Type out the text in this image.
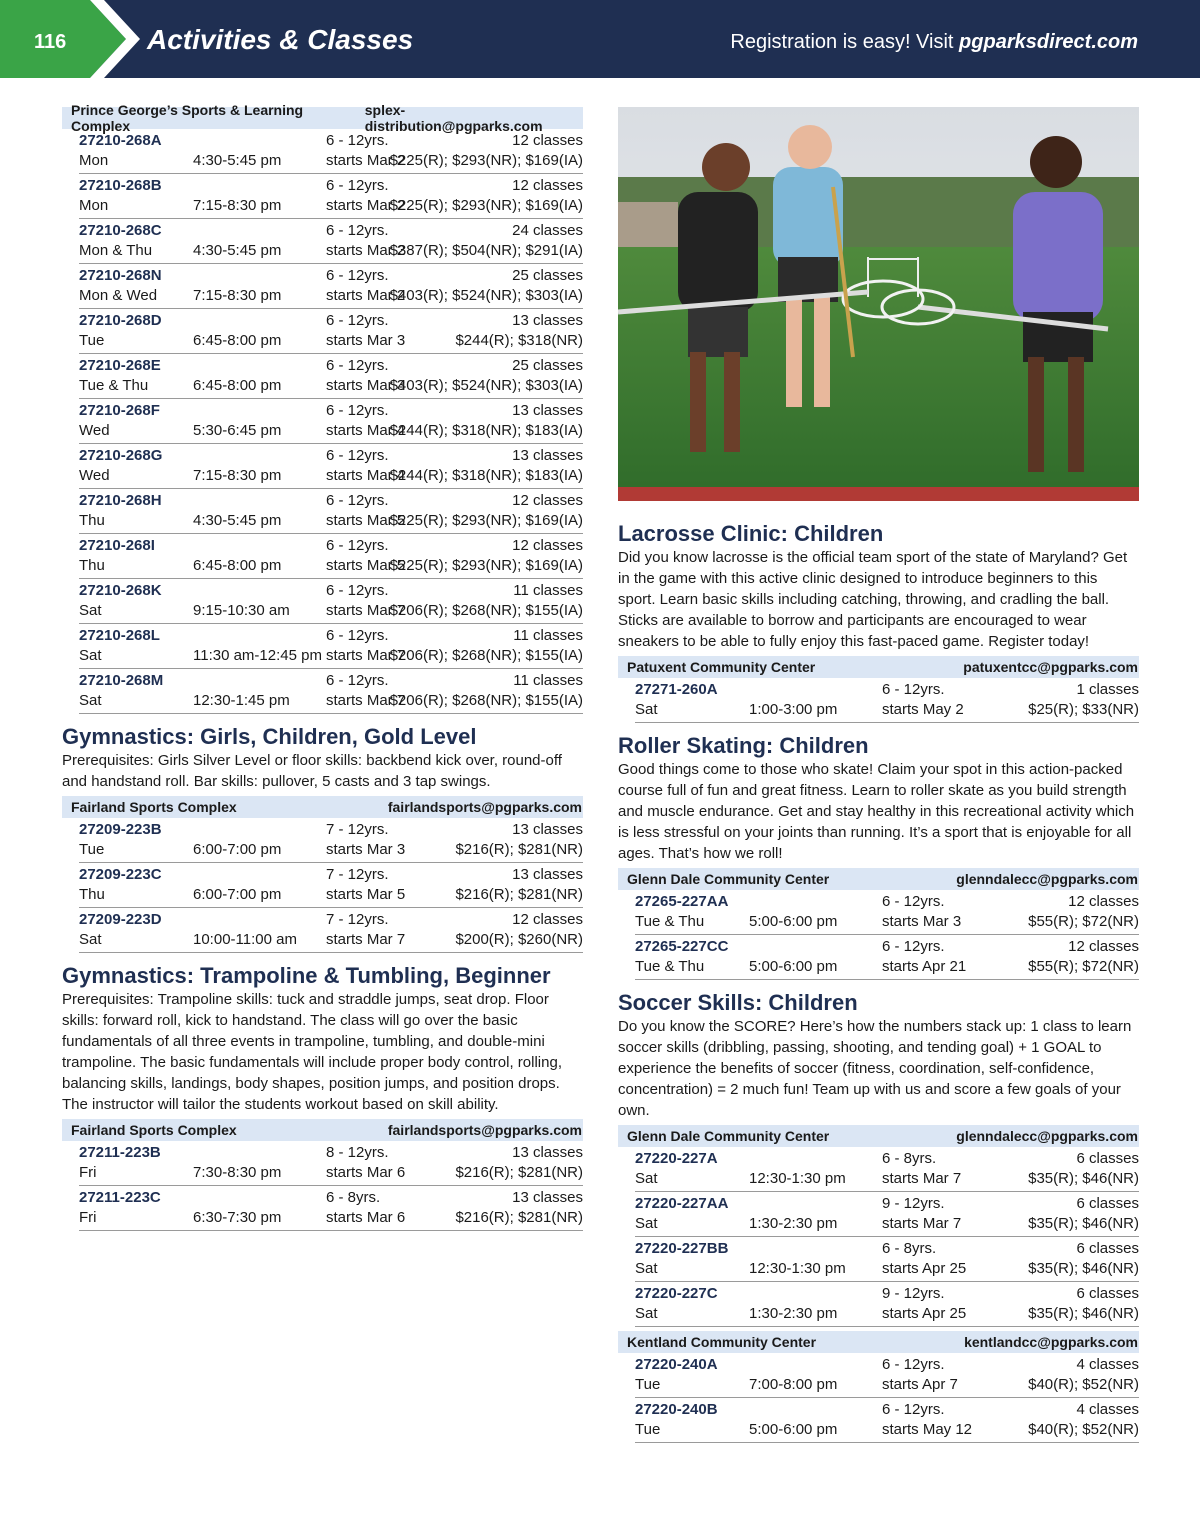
116	Activities & Classes	Registration is easy! Visit pgparksdirect.com
Prince George’s Sports & Learning Complex
splex-distribution@pgparks.com
27210-268A
Mon	4:30-5:45 pm
6 - 12yrs.
starts Mar 2
12 classes
$225(R); $293(NR); $169(IA)
27210-268B
Mon	7:15-8:30 pm
6 - 12yrs.
starts Mar 2
12 classes
$225(R); $293(NR); $169(IA)
27210-268C
Mon & Thu	4:30-5:45 pm
6 - 12yrs.
starts Mar 2
24 classes
$387(R); $504(NR); $291(IA)
27210-268N
Mon & Wed 7:15-8:30 pm
6 - 12yrs.
starts Mar 2
25 classes
$403(R); $524(NR); $303(IA)
27210-268D
Tue	6:45-8:00 pm
6 - 12yrs.
starts Mar 3
13 classes
$244(R); $318(NR)
27210-268E
Tue & Thu	6:45-8:00 pm
6 - 12yrs.
starts Mar 3
25 classes
$403(R); $524(NR); $303(IA)
27210-268F
Wed	5:30-6:45 pm
6 - 12yrs.
starts Mar 4
13 classes
$244(R); $318(NR); $183(IA)
27210-268G
Wed	7:15-8:30 pm
6 - 12yrs.
starts Mar 4
13 classes
$244(R); $318(NR); $183(IA)
27210-268H
Thu	4:30-5:45 pm
6 - 12yrs.
starts Mar 5
12 classes
$225(R); $293(NR); $169(IA)
27210-268I
Thu	6:45-8:00 pm
6 - 12yrs.
starts Mar 5
12 classes
$225(R); $293(NR); $169(IA)
27210-268K
Sat	9:15-10:30 am
6 - 12yrs.
starts Mar 7
11 classes
$206(R); $268(NR); $155(IA)
27210-268L
Sat	11:30 am-12:45 pm
6 - 12yrs.
starts Mar 7
11 classes
$206(R); $268(NR); $155(IA)
27210-268M
Sat	12:30-1:45 pm
6 - 12yrs.
starts Mar 7
11 classes
$206(R); $268(NR); $155(IA)
Gymnastics: Girls, Children, Gold Level

Prerequisites: Girls Silver Level or floor skills: backbend kick over, round-off and handstand roll. Bar skills: pullover, 5 casts and 3 tap swings.

Fairland Sports Complex	fairlandsports@pgparks.com
27209-223B
Tue	6:00-7:00 pm
7 - 12yrs.
starts Mar 3
13 classes
$216(R); $281(NR)
27209-223C
Thu	6:00-7:00 pm
7 - 12yrs.
starts Mar 5
13 classes
$216(R); $281(NR)
27209-223D
Sat	10:00-11:00 am
7 - 12yrs.
starts Mar 7
12 classes
$200(R); $260(NR)
Gymnastics: Trampoline & Tumbling, Beginner

Prerequisites: Trampoline skills: tuck and straddle jumps, seat drop. Floor skills: forward roll, kick to handstand. The class will go over the basic fundamentals of all three events in trampoline, tumbling, and double-mini trampoline. The basic fundamentals will include proper body control, rolling, balancing skills, landings, body shapes, position jumps, and position drops. The instructor will tailor the students workout based on skill ability.

Fairland Sports Complex	fairlandsports@pgparks.com
27211-223B
Fri	7:30-8:30 pm
8 - 12yrs.
starts Mar 6
13 classes
$216(R); $281(NR)
27211-223C
Fri	6:30-7:30 pm
6 - 8yrs.
starts Mar 6
13 classes
$216(R); $281(NR)
Lacrosse Clinic: Children

Did you know lacrosse is the official team sport of the state of Maryland? Get in the game with this active clinic designed to introduce beginners to this sport. Learn basic skills including catching, throwing, and cradling the ball. Sticks are available to borrow and participants are encouraged to wear sneakers to be able to fully enjoy this fast-paced game. Register today!

Patuxent Community Center	patuxentcc@pgparks.com
27271-260A
Sat	1:00-3:00 pm
6 - 12yrs.
starts May 2
1 classes
$25(R); $33(NR)
Roller Skating: Children

Good things come to those who skate! Claim your spot in this action-packed course full of fun and great fitness. Learn to roller skate as you build strength and muscle endurance. Get and stay healthy in this recreational activity which is less stressful on your joints than running. It’s a sport that is enjoyable for all ages. That’s how we roll!

Glenn Dale Community Center	glenndalecc@pgparks.com
27265-227AA
Tue & Thu	5:00-6:00 pm
6 - 12yrs.
starts Mar 3
12 classes
$55(R); $72(NR)
27265-227CC
Tue & Thu	5:00-6:00 pm
6 - 12yrs.
starts Apr 21
12 classes
$55(R); $72(NR)
Soccer Skills: Children

Do you know the SCORE? Here’s how the numbers stack up: 1 class to learn soccer skills (dribbling, passing, shooting, and tending goal) + 1 GOAL to experience the benefits of soccer (fitness, coordination, self-confidence, concentration) = 2 much fun! Team up with us and score a few goals of your own.

Glenn Dale Community Center	glenndalecc@pgparks.com
27220-227A
Sat	12:30-1:30 pm
6 - 8yrs.
starts Mar 7
6 classes
$35(R); $46(NR)
27220-227AA
Sat	1:30-2:30 pm
9 - 12yrs.
starts Mar 7
6 classes
$35(R); $46(NR)
27220-227BB
Sat	12:30-1:30 pm
6 - 8yrs.
starts Apr 25
6 classes
$35(R); $46(NR)
27220-227C
Sat	1:30-2:30 pm
9 - 12yrs.
starts Apr 25
6 classes
$35(R); $46(NR)
Kentland Community Center	kentlandcc@pgparks.com
27220-240A
Tue	7:00-8:00 pm
6 - 12yrs.
starts Apr 7
4 classes
$40(R); $52(NR)
27220-240B
Tue	5:00-6:00 pm
6 - 12yrs.
starts May 12
4 classes
$40(R); $52(NR)
